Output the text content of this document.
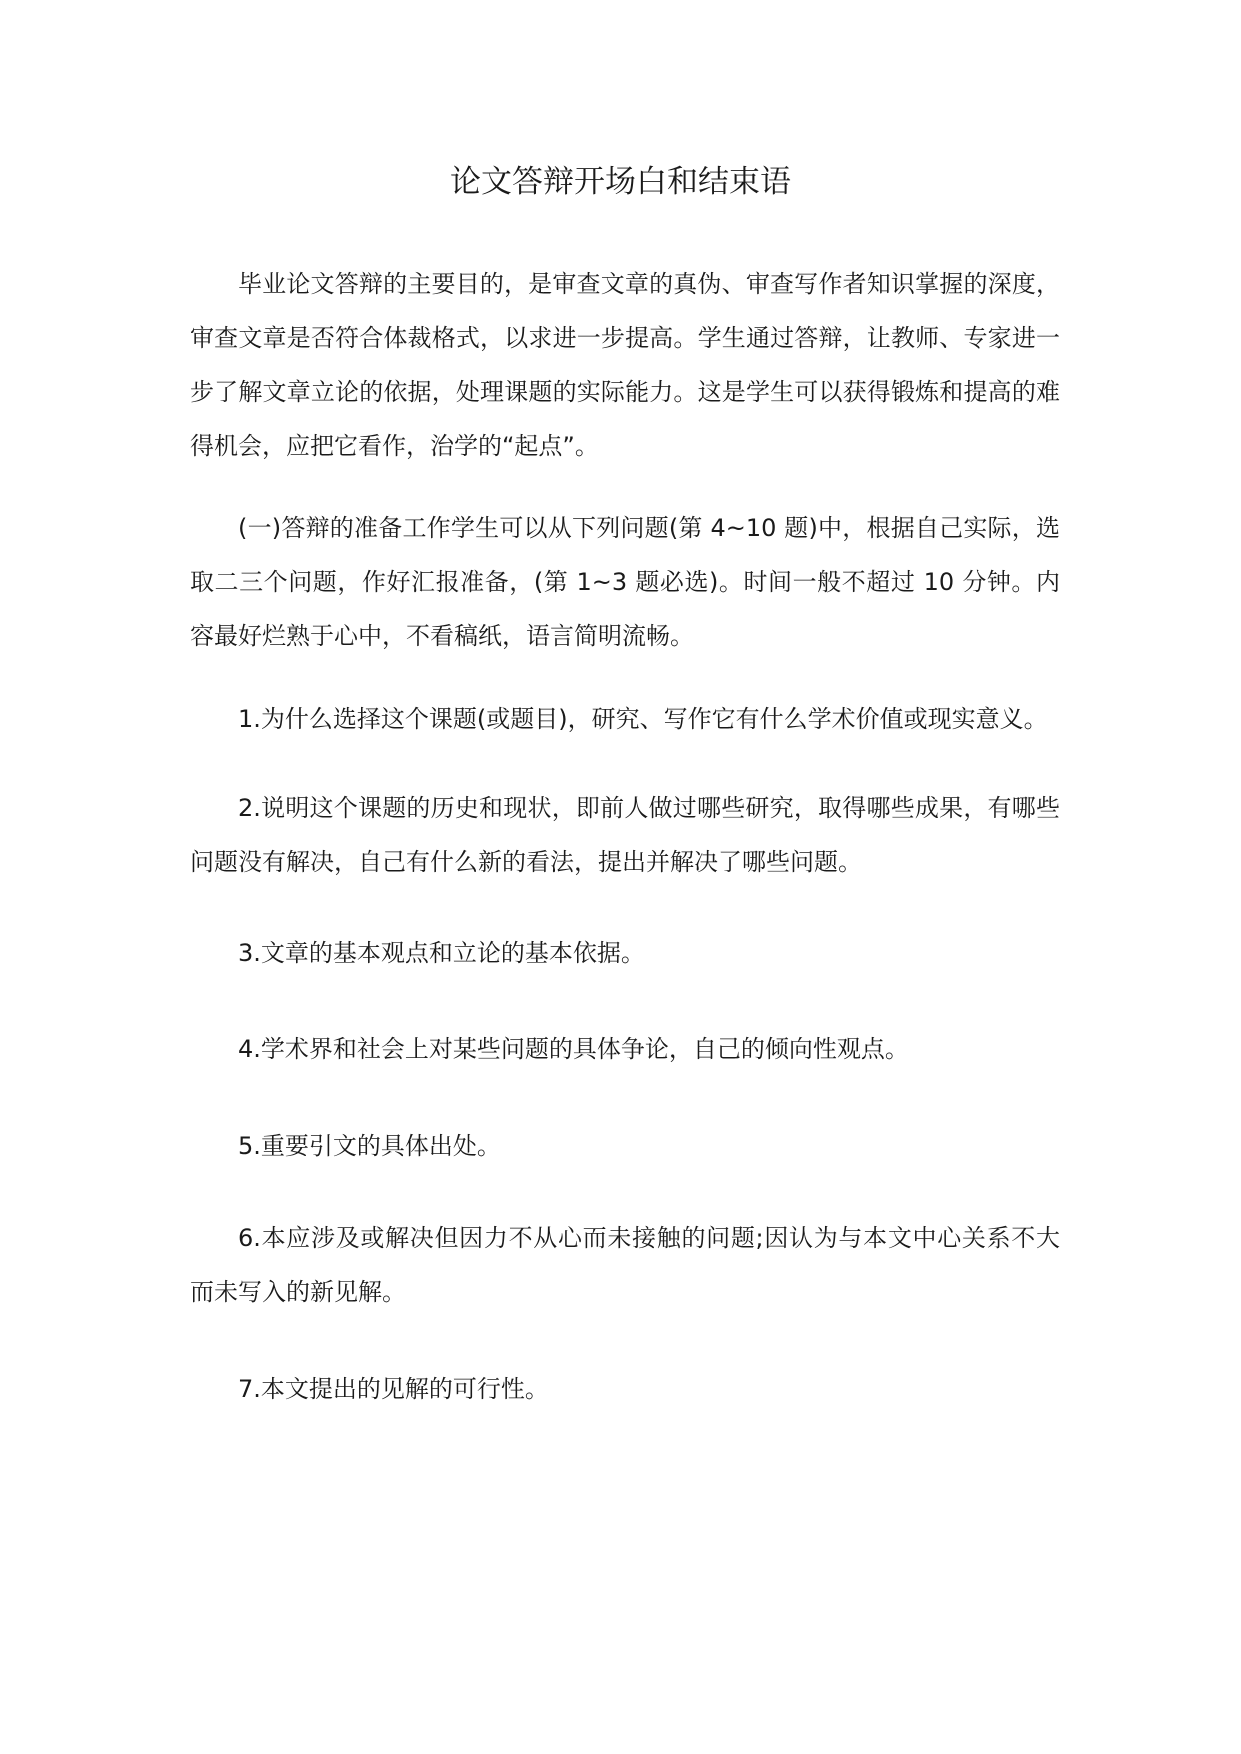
论文答辩开场白和结束语

毕业论文答辩的主要目的，是审查文章的真伪、审查写作者知识掌握的深度，审查文章是否符合体裁格式，以求进一步提高。学生通过答辩，让教师、专家进一步了解文章立论的依据，处理课题的实际能力。这是学生可以获得锻炼和提高的难得机会，应把它看作，治学的“起点”。

(一)答辩的准备工作学生可以从下列问题(第 4~10 题)中，根据自己实际，选取二三个问题，作好汇报准备，(第 1~3 题必选)。时间一般不超过 10 分钟。内容最好烂熟于心中，不看稿纸，语言简明流畅。

1.为什么选择这个课题(或题目)，研究、写作它有什么学术价值或现实意义。

2.说明这个课题的历史和现状，即前人做过哪些研究，取得哪些成果，有哪些问题没有解决，自己有什么新的看法，提出并解决了哪些问题。

3.文章的基本观点和立论的基本依据。

4.学术界和社会上对某些问题的具体争论，自己的倾向性观点。

5.重要引文的具体出处。

6.本应涉及或解决但因力不从心而未接触的问题;因认为与本文中心关系不大而未写入的新见解。

7.本文提出的见解的可行性。
